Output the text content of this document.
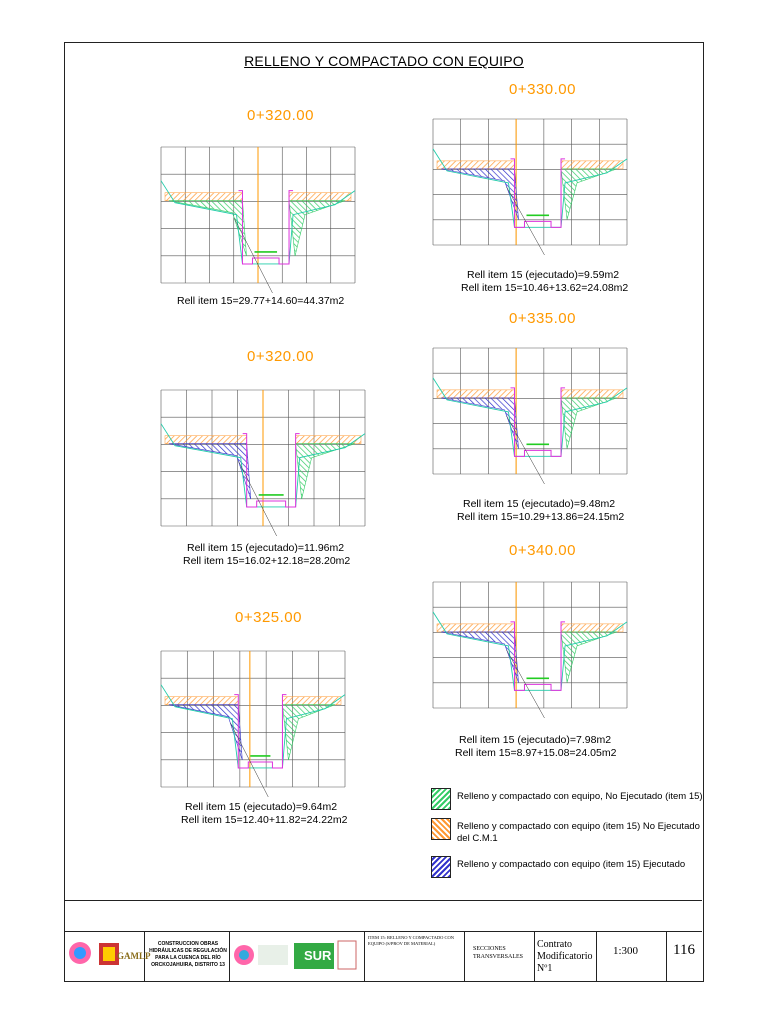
RELLENO Y COMPACTADO CON EQUIPO
0+320.00
Rell item 15=29.77+14.60=44.37m2
0+320.00
Rell item 15 (ejecutado)=11.96m2
Rell item 15=16.02+12.18=28.20m2
0+325.00
Rell item 15 (ejecutado)=9.64m2
Rell item 15=12.40+11.82=24.22m2
0+330.00
Rell item 15 (ejecutado)=9.59m2
Rell item 15=10.46+13.62=24.08m2
0+335.00
Rell item 15 (ejecutado)=9.48m2
Rell item 15=10.29+13.86=24.15m2
0+340.00
Rell item 15 (ejecutado)=7.98m2
Rell item 15=8.97+15.08=24.05m2
Relleno y compactado con equipo, No Ejecutado (item 15)
Relleno y compactado con equipo (item 15) No Ejecutado del C.M.1
Relleno y compactado con equipo (item 15) Ejecutado
GAMLP
CONSTRUCCION OBRAS HIDRÁULICAS DE REGULACIÓN PARA LA CUENCA DEL RÍO ORCKOJAHUIRA, DISTRITO 13
SUR
ITEM 15: RELLENO Y COMPACTADO CON EQUIPO (S/PROV DE MATERIAL)
SECCIONES TRANSVERSALES
Contrato Modificatorio Nº1
1:300 116
